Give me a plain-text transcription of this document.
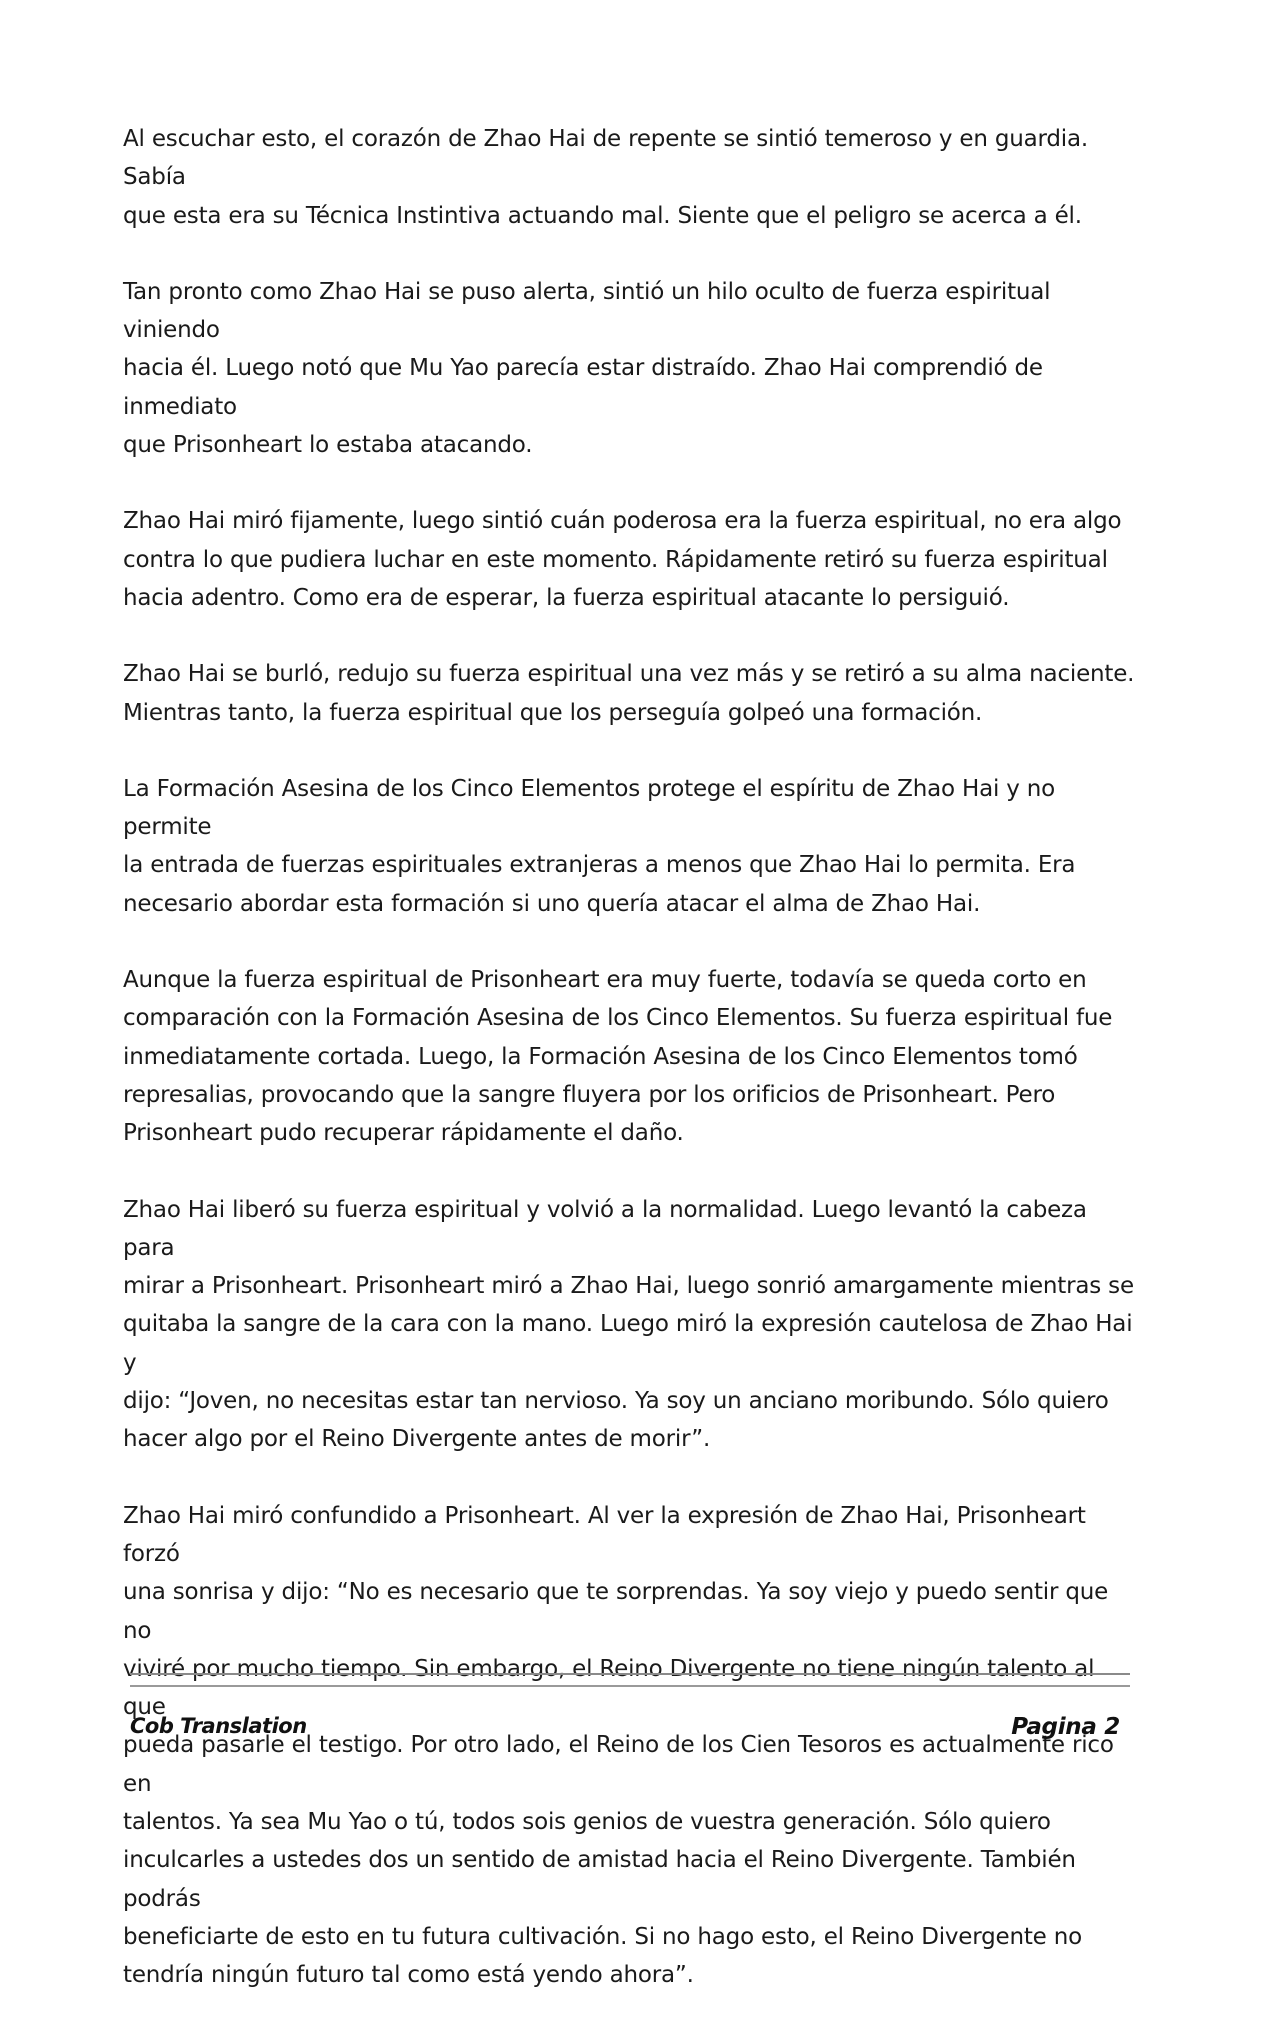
Al escuchar esto, el corazón de Zhao Hai de repente se sintió temeroso y en guardia. Sabía
que esta era su Técnica Instintiva actuando mal. Siente que el peligro se acerca a él.

Tan pronto como Zhao Hai se puso alerta, sintió un hilo oculto de fuerza espiritual viniendo
hacia él. Luego notó que Mu Yao parecía estar distraído. Zhao Hai comprendió de inmediato
que Prisonheart lo estaba atacando.

Zhao Hai miró fijamente, luego sintió cuán poderosa era la fuerza espiritual, no era algo
contra lo que pudiera luchar en este momento. Rápidamente retiró su fuerza espiritual
hacia adentro. Como era de esperar, la fuerza espiritual atacante lo persiguió.

Zhao Hai se burló, redujo su fuerza espiritual una vez más y se retiró a su alma naciente.
Mientras tanto, la fuerza espiritual que los perseguía golpeó una formación.

La Formación Asesina de los Cinco Elementos protege el espíritu de Zhao Hai y no permite
la entrada de fuerzas espirituales extranjeras a menos que Zhao Hai lo permita. Era
necesario abordar esta formación si uno quería atacar el alma de Zhao Hai.

Aunque la fuerza espiritual de Prisonheart era muy fuerte, todavía se queda corto en
comparación con la Formación Asesina de los Cinco Elementos. Su fuerza espiritual fue
inmediatamente cortada. Luego, la Formación Asesina de los Cinco Elementos tomó
represalias, provocando que la sangre fluyera por los orificios de Prisonheart. Pero
Prisonheart pudo recuperar rápidamente el daño.

Zhao Hai liberó su fuerza espiritual y volvió a la normalidad. Luego levantó la cabeza para
mirar a Prisonheart. Prisonheart miró a Zhao Hai, luego sonrió amargamente mientras se
quitaba la sangre de la cara con la mano. Luego miró la expresión cautelosa de Zhao Hai y
dijo: “Joven, no necesitas estar tan nervioso. Ya soy un anciano moribundo. Sólo quiero
hacer algo por el Reino Divergente antes de morir”.

Zhao Hai miró confundido a Prisonheart. Al ver la expresión de Zhao Hai, Prisonheart forzó
una sonrisa y dijo: “No es necesario que te sorprendas. Ya soy viejo y puedo sentir que no
viviré por mucho tiempo. Sin embargo, el Reino Divergente no tiene ningún talento al que
pueda pasarle el testigo. Por otro lado, el Reino de los Cien Tesoros es actualmente rico en
talentos. Ya sea Mu Yao o tú, todos sois genios de vuestra generación. Sólo quiero
inculcarles a ustedes dos un sentido de amistad hacia el Reino Divergente. También podrás
beneficiarte de esto en tu futura cultivación. Si no hago esto, el Reino Divergente no
tendría ningún futuro tal como está yendo ahora”.

Cob Translation	Pagina 2
